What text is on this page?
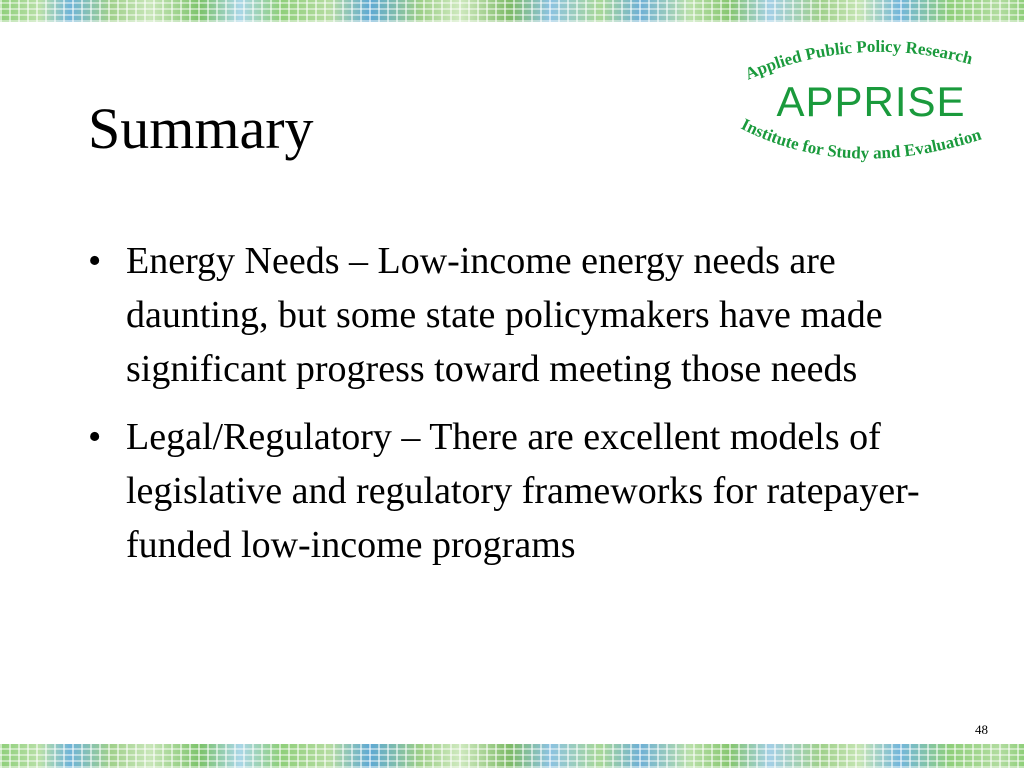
Summary
Applied Public Policy Research
APPRISE
Institute for Study and Evaluation
• Energy Needs – Low-income energy needs are daunting, but some state policymakers have made significant progress toward meeting those needs
• Legal/Regulatory – There are excellent models of legislative and regulatory frameworks for ratepayer-funded low-income programs
48
